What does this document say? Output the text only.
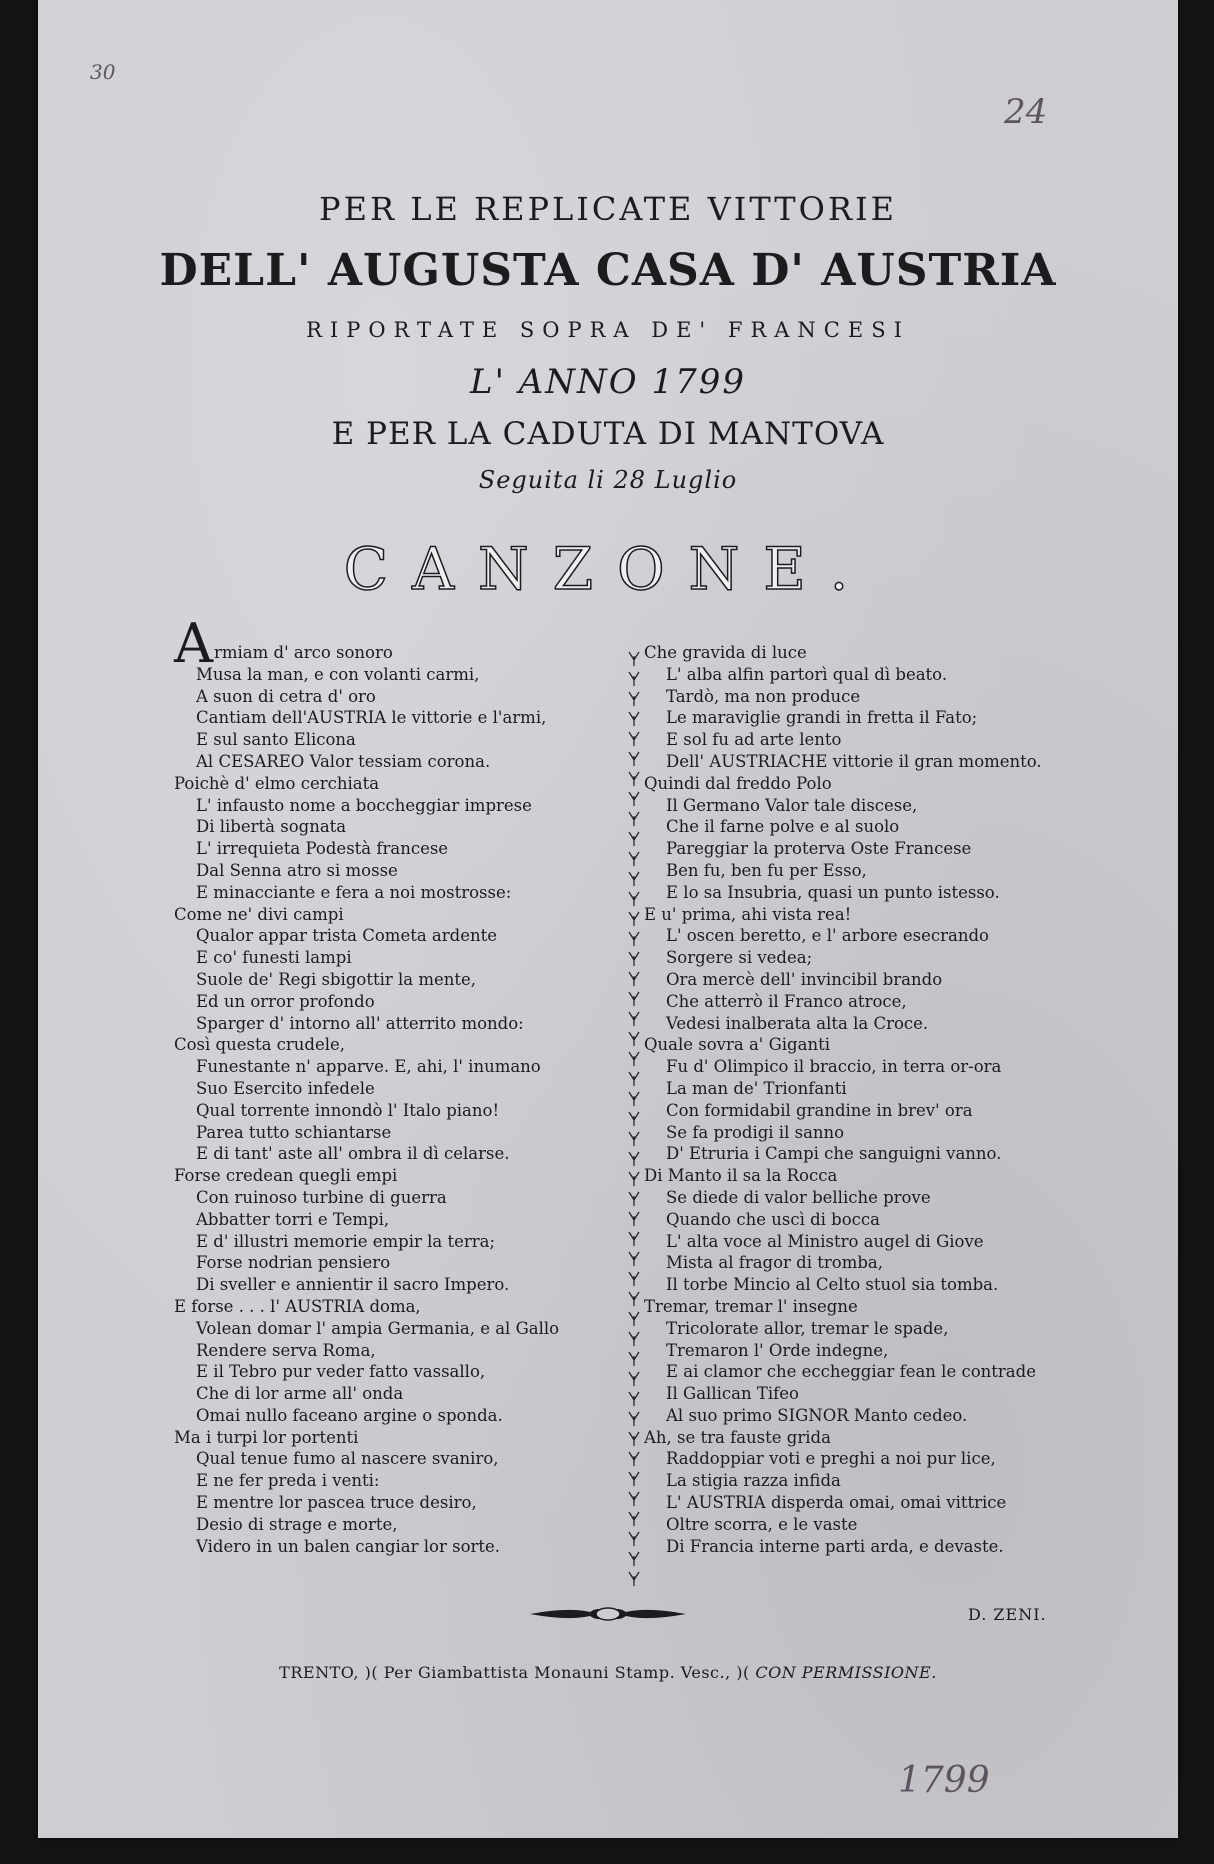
30
24
PER LE REPLICATE VITTORIE
DELL' AUGUSTA CASA D' AUSTRIA
RIPORTATE SOPRA DE' FRANCESI
L' ANNO 1799
E PER LA CADUTA DI MANTOVA
Seguita li 28 Luglio
CANZONE.
A rmiam d' arco sonoro
Musa la man, e con volanti carmi,
A suon di cetra d' oro
Cantiam dell'AUSTRIA le vittorie e l'armi,
E sul santo Elicona
Al CESAREO Valor tessiam corona.
Poichè d' elmo cerchiata
L' infausto nome a boccheggiar imprese
Di libertà sognata
L' irrequieta Podestà francese
Dal Senna atro si mosse
E minacciante e fera a noi mostrosse:
Come ne' divi campi
Qualor appar trista Cometa ardente
E co' funesti lampi
Suole de' Regi sbigottir la mente,
Ed un orror profondo
Sparger d' intorno all' atterrito mondo:
Così questa crudele,
Funestante n' apparve. E, ahi, l' inumano
Suo Esercito infedele
Qual torrente innondò l' Italo piano!
Parea tutto schiantarse
E di tant' aste all' ombra il dì celarse.
Forse credean quegli empi
Con ruinoso turbine di guerra
Abbatter torri e Tempi,
E d' illustri memorie empir la terra;
Forse nodrian pensiero
Di sveller e annientir il sacro Impero.
E forse . . . l' AUSTRIA doma,
Volean domar l' ampia Germania, e al Gallo
Rendere serva Roma,
E il Tebro pur veder fatto vassallo,
Che di lor arme all' onda
Omai nullo faceano argine o sponda.
Ma i turpi lor portenti
Qual tenue fumo al nascere svaniro,
E ne fer preda i venti:
E mentre lor pascea truce desiro,
Desio di strage e morte,
Videro in un balen cangiar lor sorte.
Che gravida di luce
L' alba alfin partorì qual dì beato.
Tardò, ma non produce
Le maraviglie grandi in fretta il Fato;
E sol fu ad arte lento
Dell' AUSTRIACHE vittorie il gran momento.
Quindi dal freddo Polo
Il Germano Valor tale discese,
Che il farne polve e al suolo
Pareggiar la proterva Oste Francese
Ben fu, ben fu per Esso,
E lo sa Insubria, quasi un punto istesso.
E u' prima, ahi vista rea!
L' oscen beretto, e l' arbore esecrando
Sorgere si vedea;
Ora mercè dell' invincibil brando
Che atterrò il Franco atroce,
Vedesi inalberata alta la Croce.
Quale sovra a' Giganti
Fu d' Olimpico il braccio, in terra or-ora
La man de' Trionfanti
Con formidabil grandine in brev' ora
Se fa prodigi il sanno
D' Etruria i Campi che sanguigni vanno.
Di Manto il sa la Rocca
Se diede di valor belliche prove
Quando che uscì di bocca
L' alta voce al Ministro augel di Giove
Mista al fragor di tromba,
Il torbe Mincio al Celto stuol sia tomba.
Tremar, tremar l' insegne
Tricolorate allor, tremar le spade,
Tremaron l' Orde indegne,
E ai clamor che eccheggiar fean le contrade
Il Gallican Tifeo
Al suo primo SIGNOR Manto cedeo.
Ah, se tra fauste grida
Raddoppiar voti e preghi a noi pur lice,
La stigia razza infida
L' AUSTRIA disperda omai, omai vittrice
Oltre scorra, e le vaste
Di Francia interne parti arda, e devaste.
D. ZENI.
TRENTO, )( Per Giambattista Monauni Stamp. Vesc., )( CON PERMISSIONE.
1799
